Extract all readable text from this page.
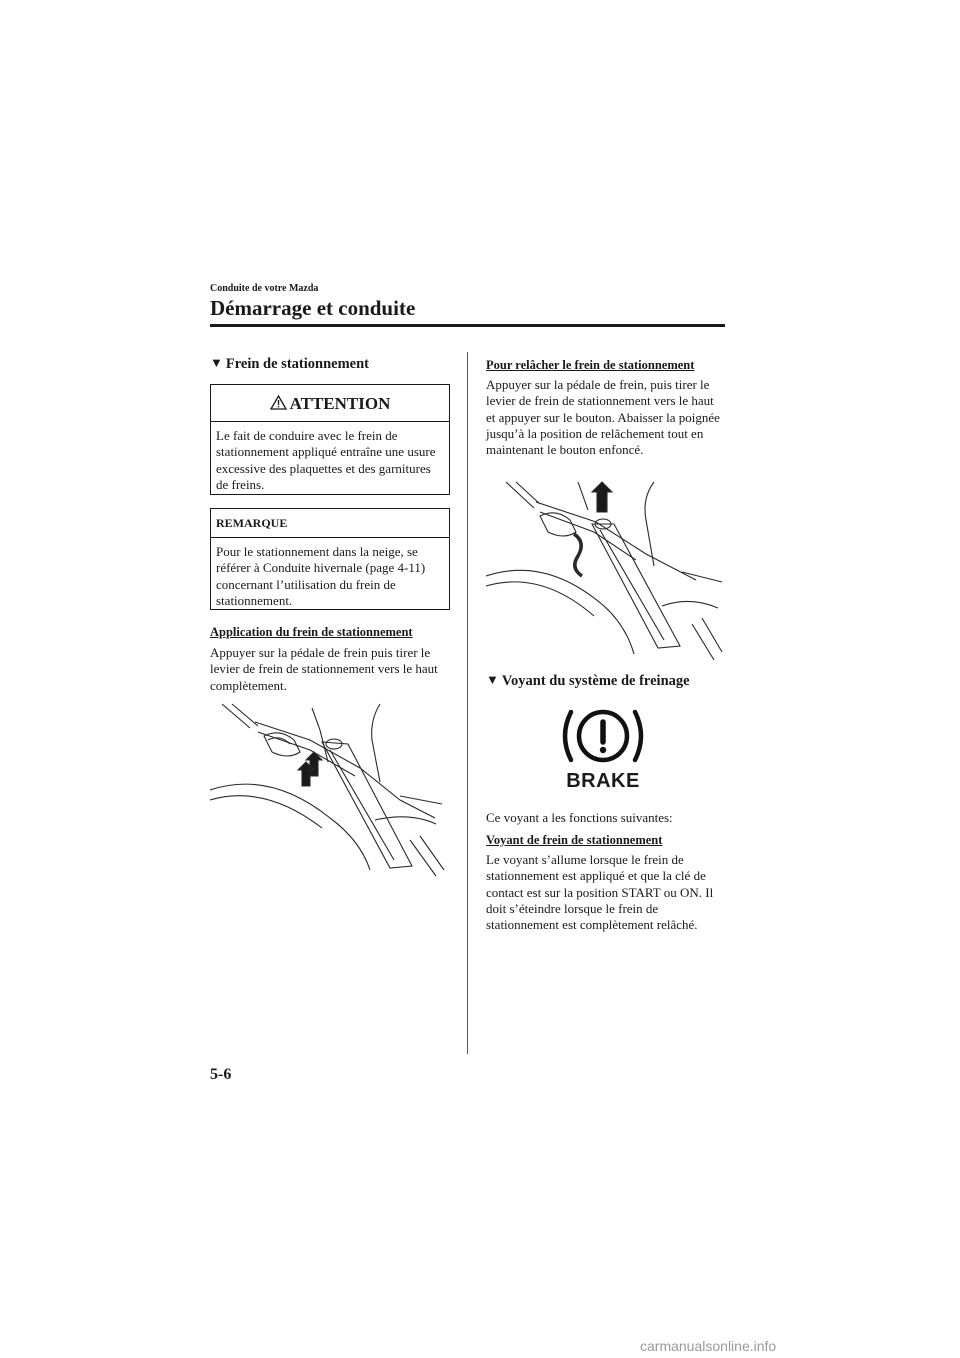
Conduite de votre Mazda
Démarrage et conduite
▼ Frein de stationnement
ATTENTION
Le fait de conduire avec le frein de stationnement appliqué entraîne une usure excessive des plaquettes et des garnitures de freins.
REMARQUE
Pour le stationnement dans la neige, se référer à Conduite hivernale (page 4-11) concernant l’utilisation du frein de stationnement.
Application du frein de stationnement
Appuyer sur la pédale de frein puis tirer le levier de frein de stationnement vers le haut complètement.
Pour relâcher le frein de stationnement
Appuyer sur la pédale de frein, puis tirer le levier de frein de stationnement vers le haut et appuyer sur le bouton. Abaisser la poignée jusqu’à la position de relâchement tout en maintenant le bouton enfoncé.
▼ Voyant du système de freinage
BRAKE
Ce voyant a les fonctions suivantes:
Voyant de frein de stationnement
Le voyant s’allume lorsque le frein de stationnement est appliqué et que la clé de contact est sur la position START ou ON. Il doit s’éteindre lorsque le frein de stationnement est complètement relâché.
5-6
carmanualsonline.info
